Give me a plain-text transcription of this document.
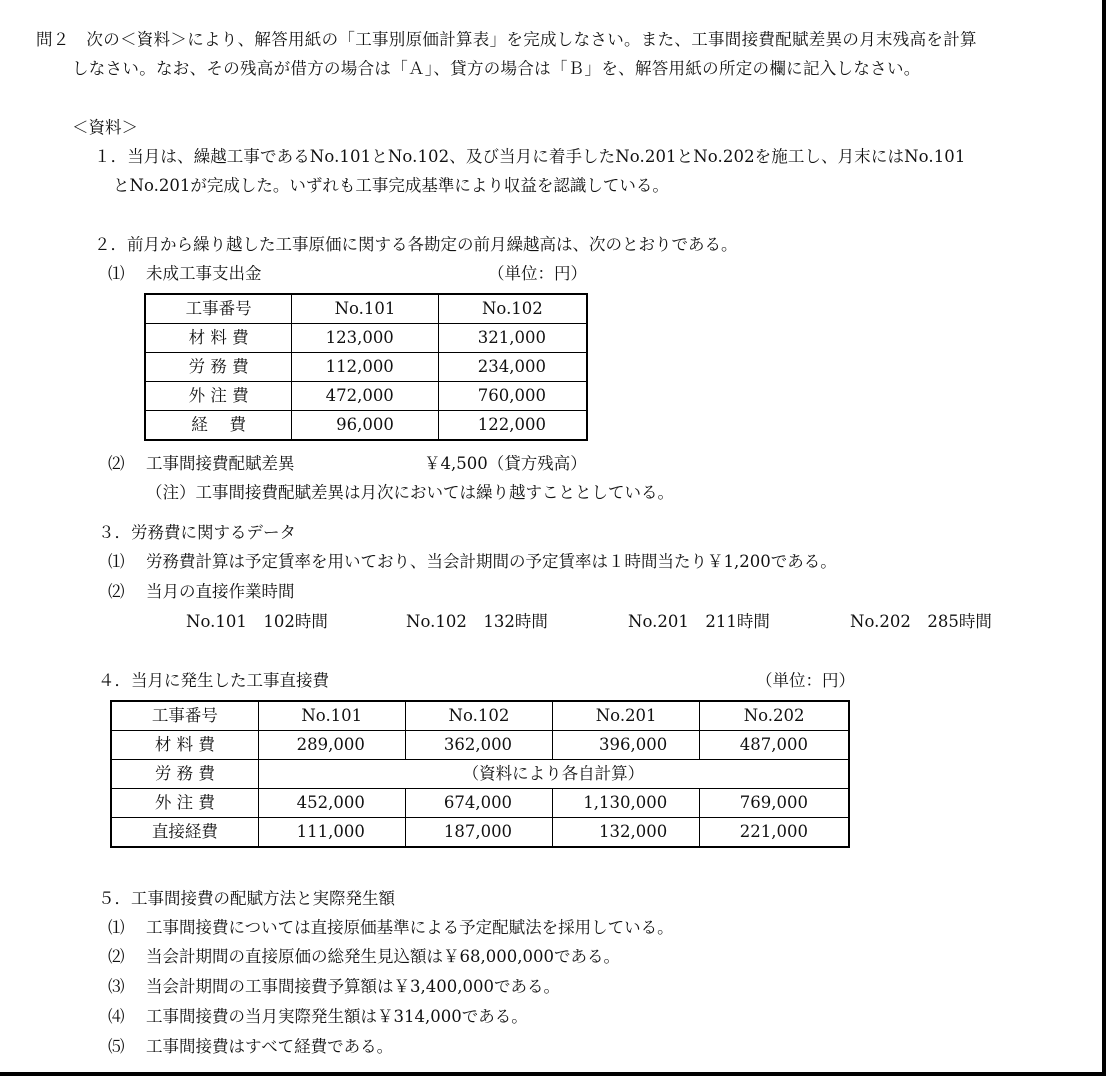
問２　次の＜資料＞により、解答用紙の「工事別原価計算表」を完成しなさい。また、工事間接費配賦差異の月末残高を計算
しなさい。なお、その残高が借方の場合は「Ａ」、貸方の場合は「Ｂ」を、解答用紙の所定の欄に記入しなさい。
＜資料＞
１．当月は、繰越工事であるNo.101とNo.102、及び当月に着手したNo.201とNo.202を施工し、月末にはNo.101
とNo.201が完成した。いずれも工事完成基準により収益を認識している。
２．前月から繰り越した工事原価に関する各勘定の前月繰越高は、次のとおりである。
⑴ 未成工事支出金	（単位：円）
工事番号	No.101	No.102
材 料 費	123,000	321,000
労 務 費	112,000	234,000
外 注 費	472,000	760,000
経　 費	96,000	122,000
⑵ 工事間接費配賦差異	￥4,500（貸方残高）
（注）工事間接費配賦差異は月次においては繰り越すこととしている。
３．労務費に関するデータ
⑴ 労務費計算は予定賃率を用いており、当会計期間の予定賃率は１時間当たり￥1,200である。
⑵ 当月の直接作業時間
No.101　102時間	No.102　132時間	No.201　211時間	No.202　285時間
４．当月に発生した工事直接費	（単位：円）
工事番号	No.101	No.102	No.201	No.202
材 料 費	289,000	362,000	396,000	487,000
労 務 費	（資料により各自計算）			
外 注 費	452,000	674,000	1,130,000	769,000
直接経費	111,000	187,000	132,000	221,000
５．工事間接費の配賦方法と実際発生額
⑴ 工事間接費については直接原価基準による予定配賦法を採用している。
⑵ 当会計期間の直接原価の総発生見込額は￥68,000,000である。
⑶ 当会計期間の工事間接費予算額は￥3,400,000である。
⑷ 工事間接費の当月実際発生額は￥314,000である。
⑸ 工事間接費はすべて経費である。
